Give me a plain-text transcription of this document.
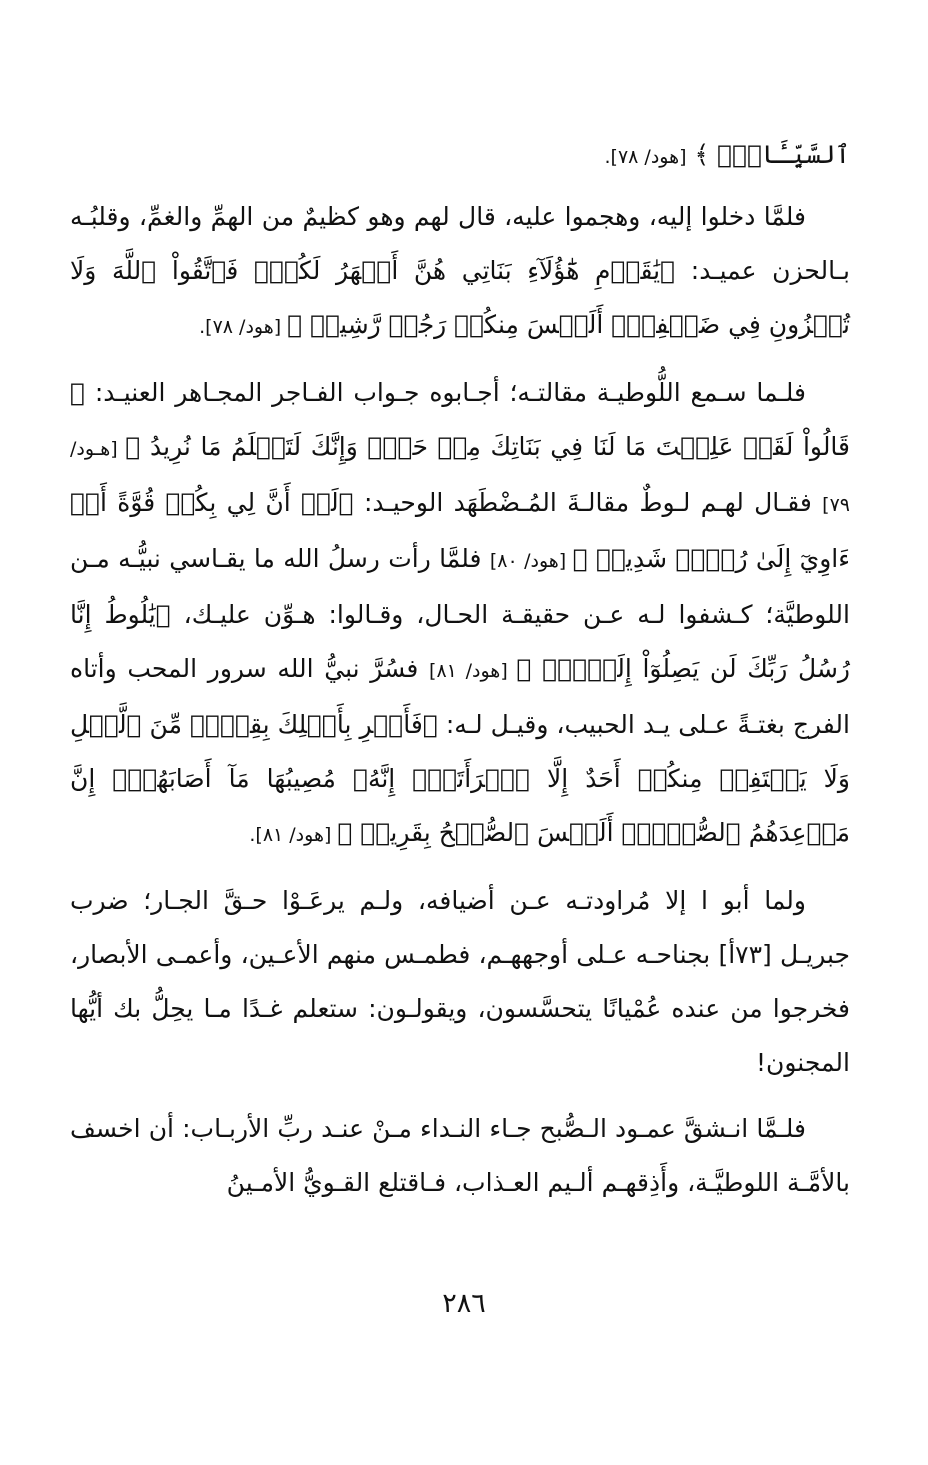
ٱلسَّيِّـَٔاتِۚ ﴾ [هود/ ٧٨].

فلمَّا دخلوا إليه، وهجموا عليه، قال لهم وهو كظيمٌ من الهمِّ والغمِّ، وقلبُـه بـالحزن عميـد: ﴿يَٰقَوۡمِ هَٰٓؤُلَآءِ بَنَاتِي هُنَّ أَطۡهَرُ لَكُمۡۖ فَٱتَّقُواْ ٱللَّهَ وَلَا تُخۡزُونِ فِي ضَيۡفِيٓۖ أَلَيۡسَ مِنكُمۡ رَجُلٞ رَّشِيدٞ ﴾ [هود/ ٧٨].

فلـما سـمع اللُّوطيـة مقالتـه؛ أجـابوه جـواب الفـاجر المجـاهر العنيـد: ﴿ قَالُواْ لَقَدۡ عَلِمۡتَ مَا لَنَا فِي بَنَاتِكَ مِنۡ حَقّٖ وَإِنَّكَ لَتَعۡلَمُ مَا نُرِيدُ ﴾ [هـود/ ٧٩] فقـال لهـم لـوطٌ مقالـةَ المُـضْطَهَد الوحيـد: ﴿لَوۡ أَنَّ لِي بِكُمۡ قُوَّةً أَوۡ ءَاوِيٓ إِلَىٰ رُكۡنٖ شَدِيدٖ ﴾ [هود/ ٨٠] فلمَّا رأت رسلُ الله ما يقـاسي نبيُّـه مـن اللوطيَّة؛ كـشفوا لـه عـن حقيقـة الحـال، وقـالوا: هـوِّن عليـك، ﴿يَٰلُوطُ إِنَّا رُسُلُ رَبِّكَ لَن يَصِلُوٓاْ إِلَيۡكَۖ ﴾ [هود/ ٨١] فسُرَّ نبيُّ الله سرور المحب وأتاه الفرج بغتـةً عـلى يـد الحبيب، وقيـل لـه: ﴿فَأَسۡرِ بِأَهۡلِكَ بِقِطۡعٖ مِّنَ ٱلَّيۡلِ وَلَا يَلۡتَفِتۡ مِنكُمۡ أَحَدٌ إِلَّا ٱمۡرَأَتَكَۖ إِنَّهُۥ مُصِيبُهَا مَآ أَصَابَهُمۡۚ إِنَّ مَوۡعِدَهُمُ ٱلصُّبۡحُۚ أَلَيۡسَ ٱلصُّبۡحُ بِقَرِيبٖ ﴾ [هود/ ٨١].

ولما أبو ا إلا مُراودتـه عـن أضيافه، ولـم يرعَـوْا حـقَّ الجـار؛ ضرب جبريـل [٧٣أ] بجناحـه عـلى أوجههـم، فطمـس منهم الأعـين، وأعمـى الأبصار، فخرجوا من عنده عُمْيانًا يتحسَّسون، ويقولـون: ستعلم غـدًا مـا يحِلُّ بك أيُّها المجنون!

فلـمَّا انـشقَّ عمـود الـصُّبح جـاء النـداء مـنْ عنـد ربِّ الأربـاب: أن اخسف بالأمَّـة اللوطيَّـة، وأَذِقهـم ألـيم العـذاب، فـاقتلع القـويُّ الأمـينُ

٢٨٦
